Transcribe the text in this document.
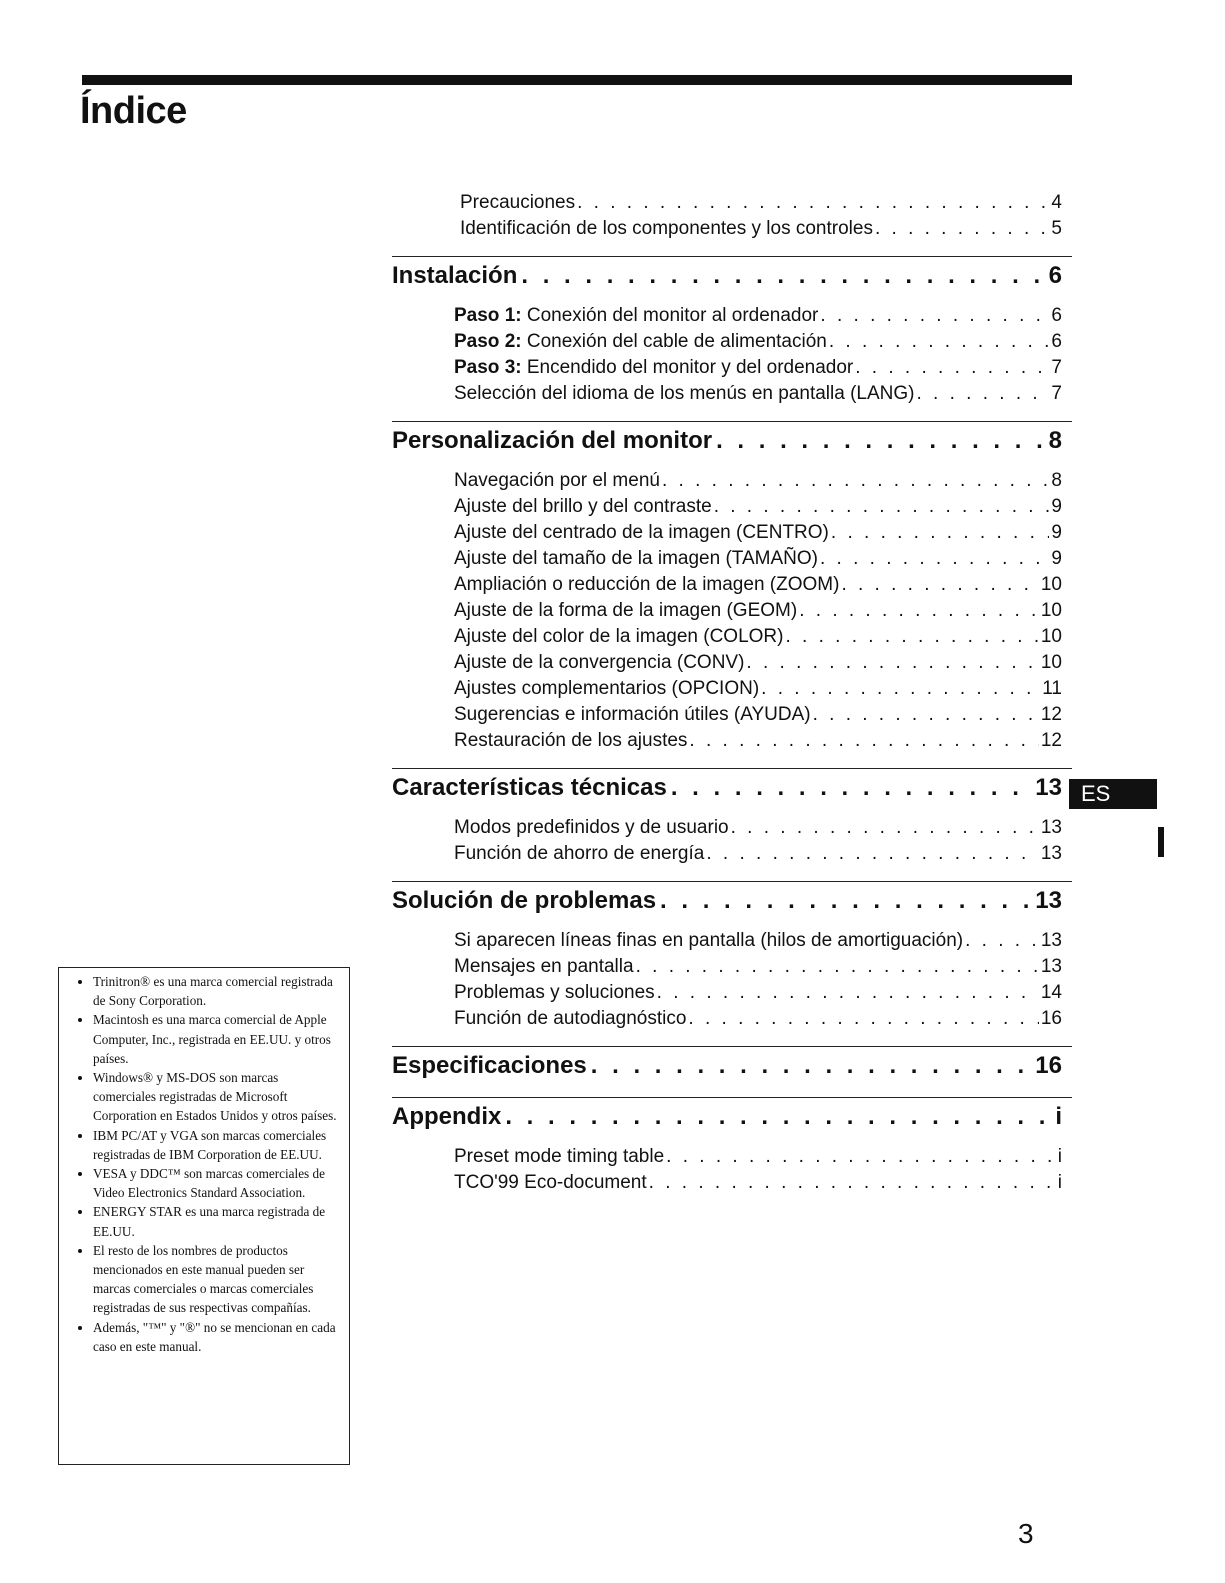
Índice
Precauciones . . .	4
Identificación de los componentes y los controles . . .	5
Instalación . . .	6
Paso 1: Conexión del monitor al ordenador . . .	6
Paso 2: Conexión del cable de alimentación . . .	6
Paso 3: Encendido del monitor y del ordenador . . .	7
Selección del idioma de los menús en pantalla (LANG) . . .	7
Personalización del monitor . . .	8
Navegación por el menú . . .	8
Ajuste del brillo y del contraste . . .	9
Ajuste del centrado de la imagen (CENTRO) . . .	9
Ajuste del tamaño de la imagen (TAMAÑO) . . .	9
Ampliación o reducción de la imagen (ZOOM) . . .	10
Ajuste de la forma de la imagen (GEOM) . . .	10
Ajuste del color de la imagen (COLOR) . . .	10
Ajuste de la convergencia (CONV) . . .	10
Ajustes complementarios (OPCION) . . .	11
Sugerencias e información útiles (AYUDA) . . .	12
Restauración de los ajustes . . .	12
Características técnicas . . .	13
Modos predefinidos y de usuario . . .	13
Función de ahorro de energía . . .	13
Solución de problemas . . .	13
Si aparecen líneas finas en pantalla (hilos de amortiguación) . . .	13
Mensajes en pantalla . . .	13
Problemas y soluciones . . .	14
Función de autodiagnóstico . . .	16
Especificaciones . . .	16
Appendix . . .	i
Preset mode timing table . . .	i
TCO'99 Eco-document . . .	i
ES
• Trinitron® es una marca comercial registrada de Sony Corporation.
• Macintosh es una marca comercial de Apple Computer, Inc., registrada en EE.UU. y otros países.
• Windows® y MS-DOS son marcas comerciales registradas de Microsoft Corporation en Estados Unidos y otros países.
• IBM PC/AT y VGA son marcas comerciales registradas de IBM Corporation de EE.UU.
• VESA y DDC™ son marcas comerciales de Video Electronics Standard Association.
• ENERGY STAR es una marca registrada de EE.UU.
• El resto de los nombres de productos mencionados en este manual pueden ser marcas comerciales o marcas comerciales registradas de sus respectivas compañías.
• Además, "™" y "®" no se mencionan en cada caso en este manual.
3
